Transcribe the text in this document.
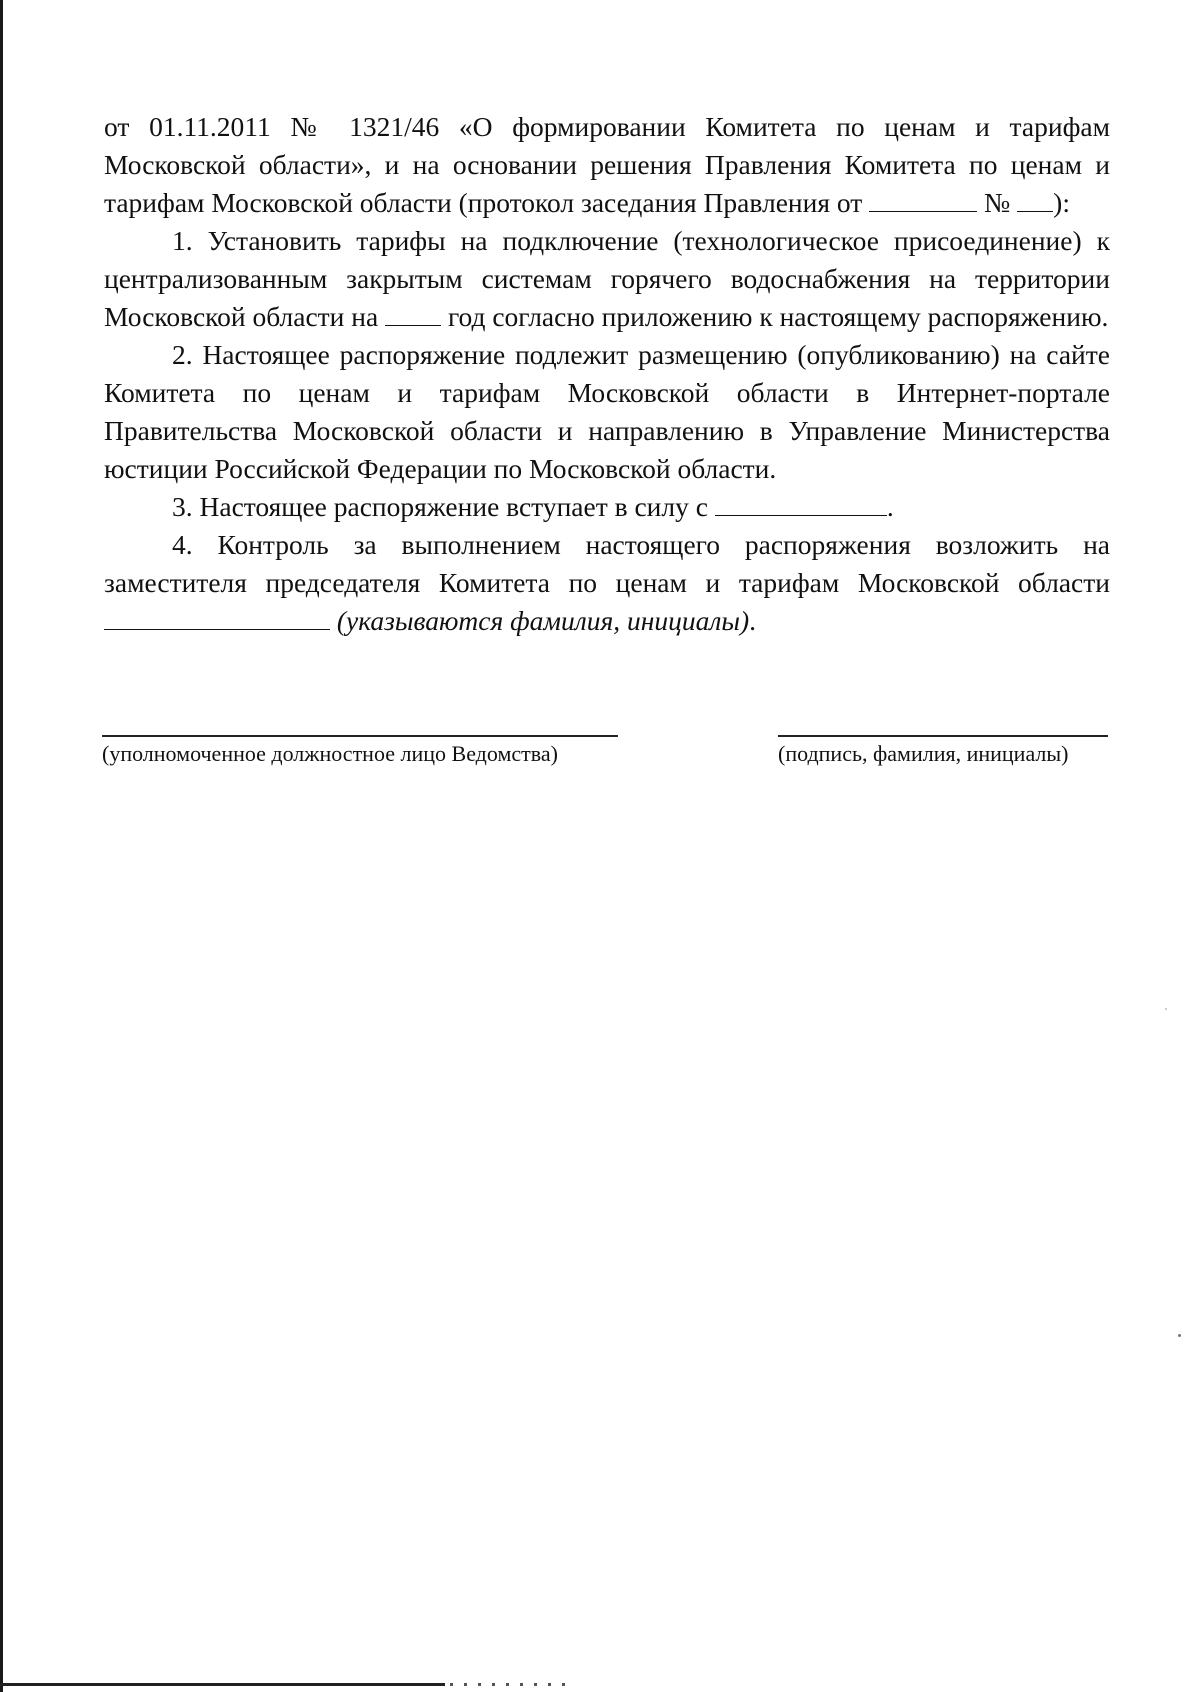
от 01.11.2011 № 1321/46 «О формировании Комитета по ценам и тарифам Московской области», и на основании решения Правления Комитета по ценам и тарифам Московской области (протокол заседания Правления от	№ ):

1. Установить тарифы на подключение (технологическое присоединение) к централизованным закрытым системам горячего водоснабжения на территории Московской области на	год согласно приложению к настоящему распоряжению.

2. Настоящее распоряжение подлежит размещению (опубликованию) на сайте Комитета по ценам и тарифам Московской области в Интернет-портале Правительства Московской области и направлению в Управление Министерства юстиции Российской Федерации по Московской области.

3. Настоящее распоряжение вступает в силу с	.

4. Контроль за выполнением настоящего распоряжения возложить на заместителя председателя Комитета по ценам и тарифам Московской области  (указываются фамилия, инициалы).

(уполномоченное должностное лицо Ведомства)	(подпись, фамилия, инициалы)
